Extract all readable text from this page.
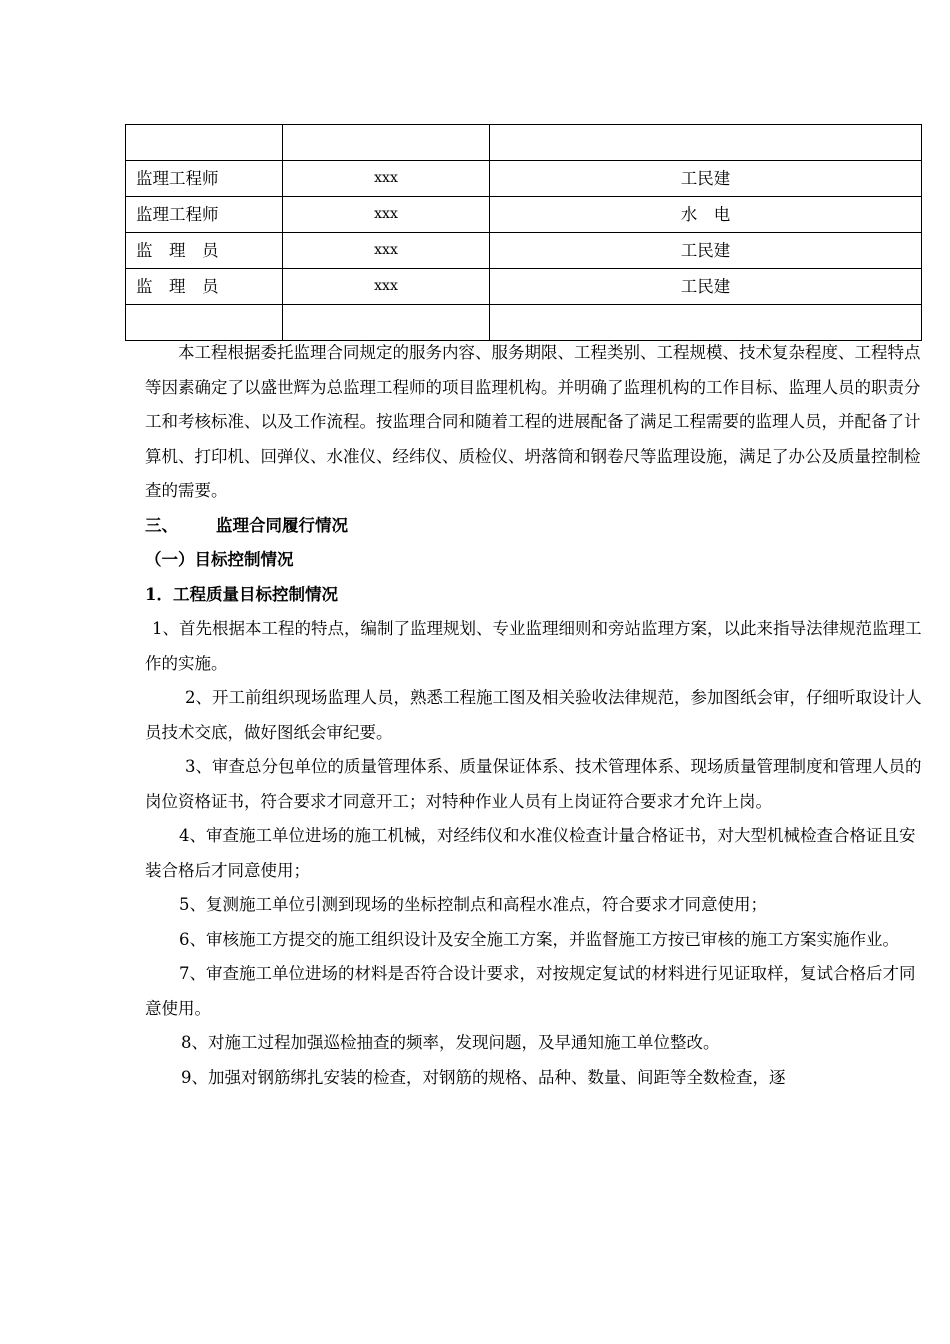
监理工程师	xxx	工民建
监理工程师	xxx	水　电
监　理　员	xxx	工民建
监　理　员	xxx	工民建

本工程根据委托监理合同规定的服务内容、服务期限、工程类别、工程规模、技术复杂程度、工程特点等因素确定了以盛世辉为总监理工程师的项目监理机构。并明确了监理机构的工作目标、监理人员的职责分工和考核标准、以及工作流程。按监理合同和随着工程的进展配备了满足工程需要的监理人员，并配备了计算机、打印机、回弹仪、水准仪、经纬仪、质检仪、坍落筒和钢卷尺等监理设施，满足了办公及质量控制检查的需要。

三、 监理合同履行情况

（一）目标控制情况

1．工程质量目标控制情况

1、首先根据本工程的特点，编制了监理规划、专业监理细则和旁站监理方案，以此来指导法律规范监理工作的实施。

2、开工前组织现场监理人员，熟悉工程施工图及相关验收法律规范，参加图纸会审，仔细听取设计人员技术交底，做好图纸会审纪要。

3、审查总分包单位的质量管理体系、质量保证体系、技术管理体系、现场质量管理制度和管理人员的岗位资格证书，符合要求才同意开工；对特种作业人员有上岗证符合要求才允许上岗。

4、审查施工单位进场的施工机械，对经纬仪和水准仪检查计量合格证书，对大型机械检查合格证且安装合格后才同意使用；

5、复测施工单位引测到现场的坐标控制点和高程水准点，符合要求才同意使用；

6、审核施工方提交的施工组织设计及安全施工方案，并监督施工方按已审核的施工方案实施作业。

7、审查施工单位进场的材料是否符合设计要求，对按规定复试的材料进行见证取样，复试合格后才同意使用。

8、对施工过程加强巡检抽查的频率，发现问题，及早通知施工单位整改。

9、加强对钢筋绑扎安装的检查，对钢筋的规格、品种、数量、间距等全数检查，逐
